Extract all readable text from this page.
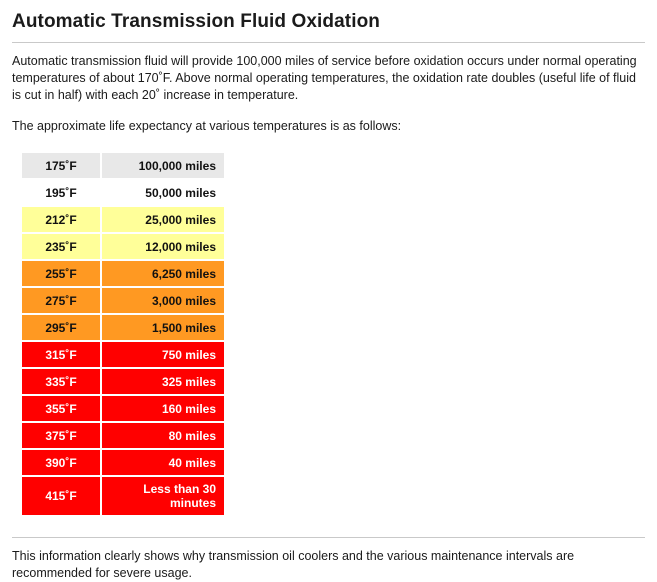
Automatic Transmission Fluid Oxidation

Automatic transmission fluid will provide 100,000 miles of service before oxidation occurs under normal operating temperatures of about 170˚F. Above normal operating temperatures, the oxidation rate doubles (useful life of fluid is cut in half) with each 20˚ increase in temperature.

The approximate life expectancy at various temperatures is as follows:

175˚F	100,000 miles
195˚F	50,000 miles
212˚F	25,000 miles
235˚F	12,000 miles
255˚F	6,250 miles
275˚F	3,000 miles
295˚F	1,500 miles
315˚F	750 miles
335˚F	325 miles
355˚F	160 miles
375˚F	80 miles
390˚F	40 miles
415˚F	Less than 30 minutes

This information clearly shows why transmission oil coolers and the various maintenance intervals are recommended for severe usage.
